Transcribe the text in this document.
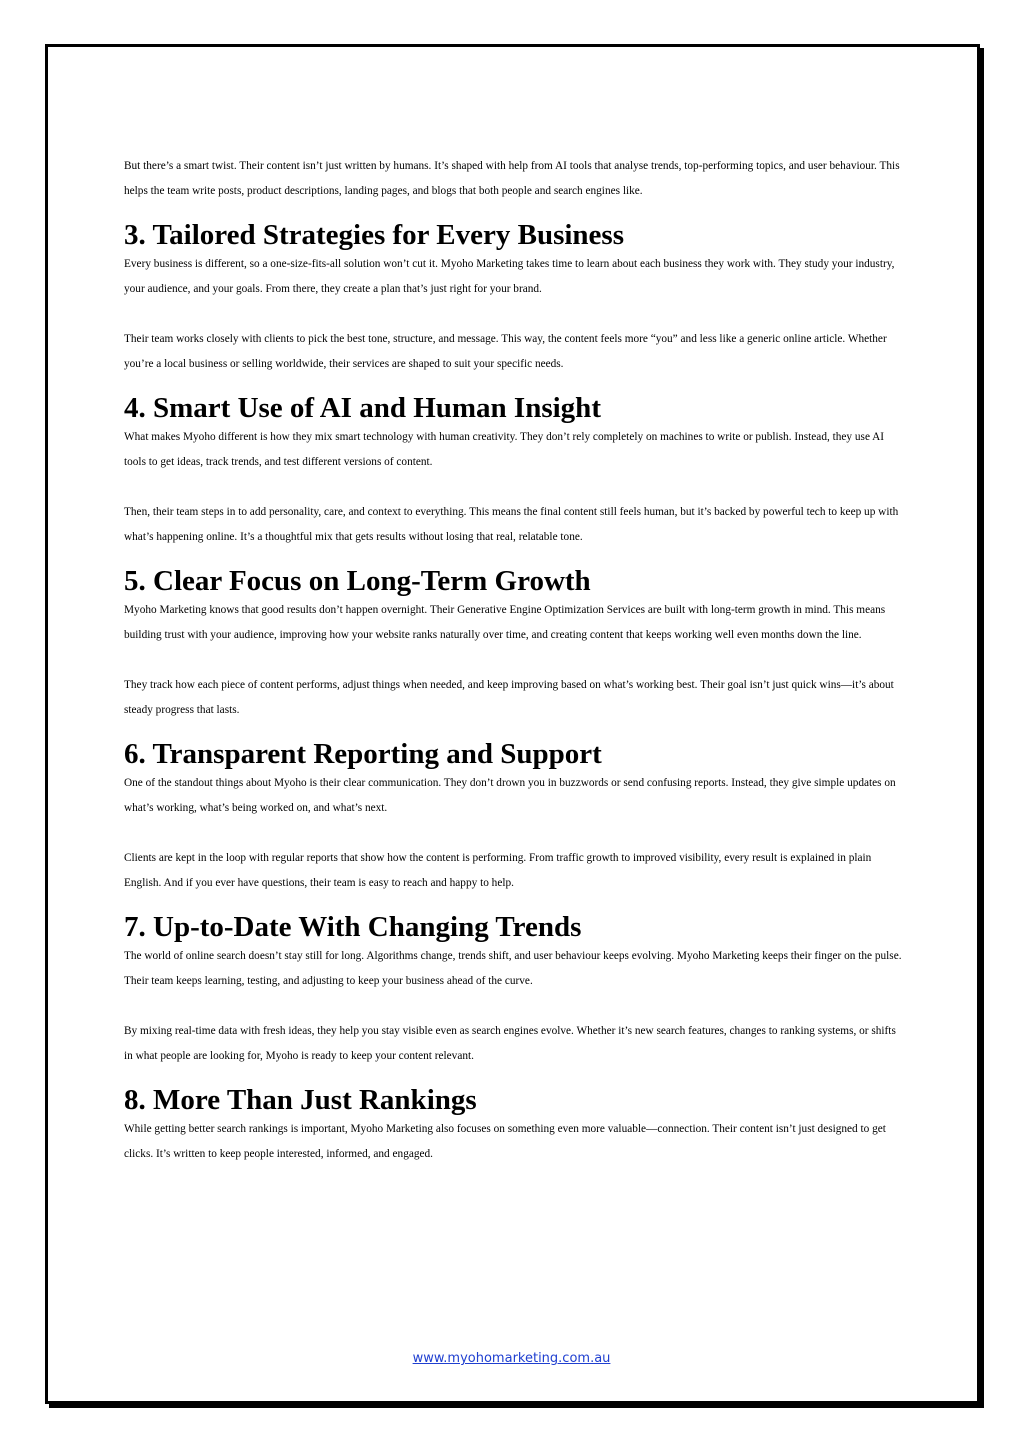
But there’s a smart twist. Their content isn’t just written by humans. It’s shaped with help from AI tools that analyse trends, top-performing topics, and user behaviour. This helps the team write posts, product descriptions, landing pages, and blogs that both people and search engines like.

3. Tailored Strategies for Every Business

Every business is different, so a one-size-fits-all solution won’t cut it. Myoho Marketing takes time to learn about each business they work with. They study your industry, your audience, and your goals. From there, they create a plan that’s just right for your brand.

Their team works closely with clients to pick the best tone, structure, and message. This way, the content feels more “you” and less like a generic online article. Whether you’re a local business or selling worldwide, their services are shaped to suit your specific needs.

4. Smart Use of AI and Human Insight

What makes Myoho different is how they mix smart technology with human creativity. They don’t rely completely on machines to write or publish. Instead, they use AI tools to get ideas, track trends, and test different versions of content.

Then, their team steps in to add personality, care, and context to everything. This means the final content still feels human, but it’s backed by powerful tech to keep up with what’s happening online. It’s a thoughtful mix that gets results without losing that real, relatable tone.

5. Clear Focus on Long-Term Growth

Myoho Marketing knows that good results don’t happen overnight. Their Generative Engine Optimization Services are built with long-term growth in mind. This means building trust with your audience, improving how your website ranks naturally over time, and creating content that keeps working well even months down the line.

They track how each piece of content performs, adjust things when needed, and keep improving based on what’s working best. Their goal isn’t just quick wins—it’s about steady progress that lasts.

6. Transparent Reporting and Support

One of the standout things about Myoho is their clear communication. They don’t drown you in buzzwords or send confusing reports. Instead, they give simple updates on what’s working, what’s being worked on, and what’s next.

Clients are kept in the loop with regular reports that show how the content is performing. From traffic growth to improved visibility, every result is explained in plain English. And if you ever have questions, their team is easy to reach and happy to help.

7. Up-to-Date With Changing Trends

The world of online search doesn’t stay still for long. Algorithms change, trends shift, and user behaviour keeps evolving. Myoho Marketing keeps their finger on the pulse. Their team keeps learning, testing, and adjusting to keep your business ahead of the curve.

By mixing real-time data with fresh ideas, they help you stay visible even as search engines evolve. Whether it’s new search features, changes to ranking systems, or shifts in what people are looking for, Myoho is ready to keep your content relevant.

8. More Than Just Rankings

While getting better search rankings is important, Myoho Marketing also focuses on something even more valuable—connection. Their content isn’t just designed to get clicks. It’s written to keep people interested, informed, and engaged.

www.myohomarketing.com.au
